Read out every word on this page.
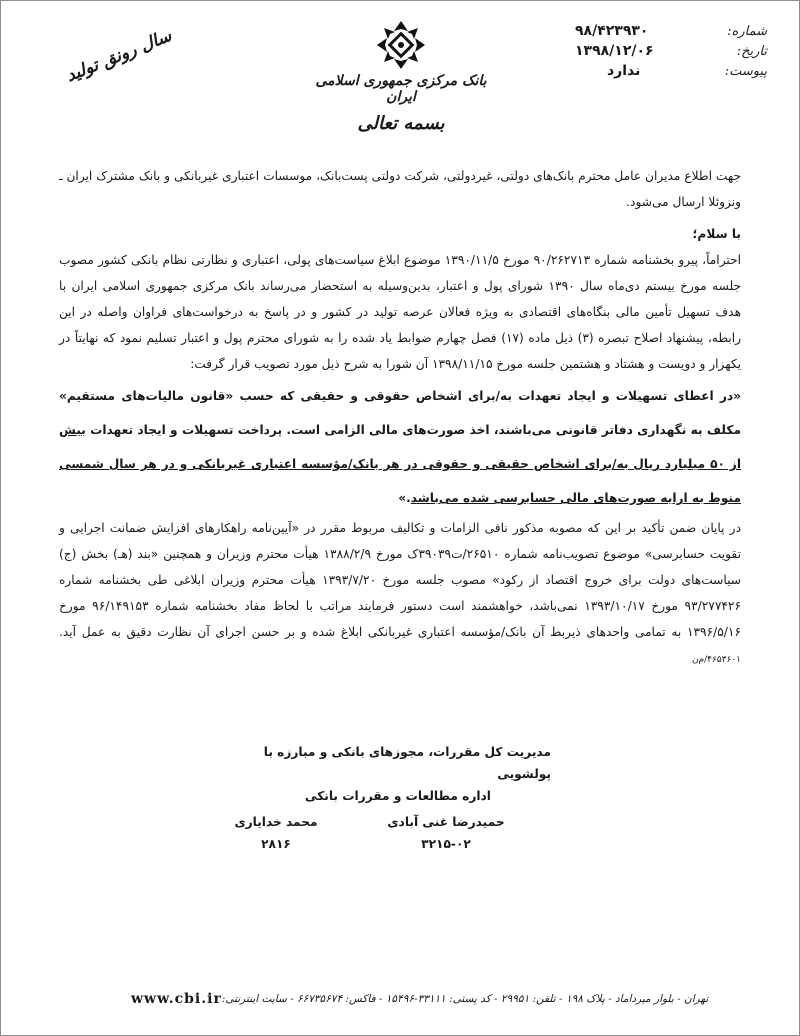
شماره:
۹۸/۴۲۳۹۳۰
تاریخ:
۱۳۹۸/۱۲/۰۶
پیوست:
ندارد
بانک مرکزی جمهوری اسلامی ایران
بسمه تعالی
سال رونق تولید

جهت اطلاع مدیران عامل محترم بانک‌های دولتی، غیردولتی، شرکت دولتی پست‌بانک، موسسات اعتباری غیربانکی و بانک مشترک ایران ـ ونزوئلا ارسال می‌شود.

با سلام؛

احتراماً، پیرو بخشنامه شماره ۹۰/۲۶۲۷۱۳ مورخ ۱۳۹۰/۱۱/۵ موضوع ابلاغ سیاست‌های پولی، اعتباری و نظارتی نظام بانکی کشور مصوب جلسه مورخ بیستم دی‌ماه سال ۱۳۹۰ شورای پول و اعتبار، بدین‌وسیله به استحضار می‌رساند بانک مرکزی جمهوری اسلامی ایران با هدف تسهیل تأمین مالی بنگاه‌های اقتصادی به ویژه فعالان عرصه تولید در کشور و در پاسخ به درخواست‌های فراوان واصله در این رابطه، پیشنهاد اصلاح تبصره (۳) ذیل ماده (۱۷) فصل چهارم ضوابط یاد شده را به شورای محترم پول و اعتبار تسلیم نمود که نهایتاً در یکهزار و دویست و هشتاد و هشتمین جلسه مورخ ۱۳۹۸/۱۱/۱۵ آن شورا به شرح ذیل مورد تصویب قرار گرفت:

«در اعطای تسهیلات و ایجاد تعهدات به/برای اشخاص حقوقی و حقیقی که حسب «قانون مالیات‌های مستقیم» مکلف به نگهداری دفاتر قانونی می‌باشند، اخذ صورت‌های مالی الزامی است. پرداخت تسهیلات و ایجاد تعهدات بیش از ۵۰ میلیارد ریال به/برای اشخاص حقیقی و حقوقی در هر بانک/مؤسسه اعتباری غیربانکی و در هر سال شمسی منوط به ارایه صورت‌های مالی حسابرسی شده می‌باشد.»

در پایان ضمن تأکید بر این که مصوبه مذکور نافی الزامات و تکالیف مربوط مقرر در «آیین‌نامه راهکارهای افزایش ضمانت اجرایی و تقویت حسابرسی» موضوع تصویب‌نامه شماره ۲۶۵۱۰/ت۳۹۰۳۹ک مورخ ۱۳۸۸/۲/۹ هیأت محترم وزیران و همچنین «بند (هـ) بخش (ج) سیاست‌های دولت برای خروج اقتصاد از رکود» مصوب جلسه مورخ ۱۳۹۳/۷/۲۰ هیأت محترم وزیران ابلاغی طی بخشنامه شماره ۹۳/۲۷۷۴۲۶ مورخ ۱۳۹۳/۱۰/۱۷ نمی‌باشد، خواهشمند است دستور فرمایند مراتب با لحاظ مفاد بخشنامه شماره ۹۶/۱۴۹۱۵۳ مورخ ۱۳۹۶/۵/۱۶ به تمامی واحدهای ذیربط آن بانک/مؤسسه اعتباری غیربانکی ابلاغ شده و بر حسن اجرای آن نظارت دقیق به عمل آید. ۴۶۵۳۶۰۱/م‌ن

مدیریت کل مقررات، مجوزهای بانکی و مبارزه با پولشویی
اداره مطالعات و مقررات بانکی
حمیدرضا غنی آبادی
محمد خدایاری
۳۲۱۵-۰۲
۲۸۱۶
www.cbi.ir تهران - بلوار میرداماد - پلاک ۱۹۸ - تلفن: ۲۹۹۵۱ - کد پستی: ۳۳۱۱۱-۱۵۴۹۶ - فاکس: ۶۶۷۳۵۶۷۴ - سایت اینترنتی:
